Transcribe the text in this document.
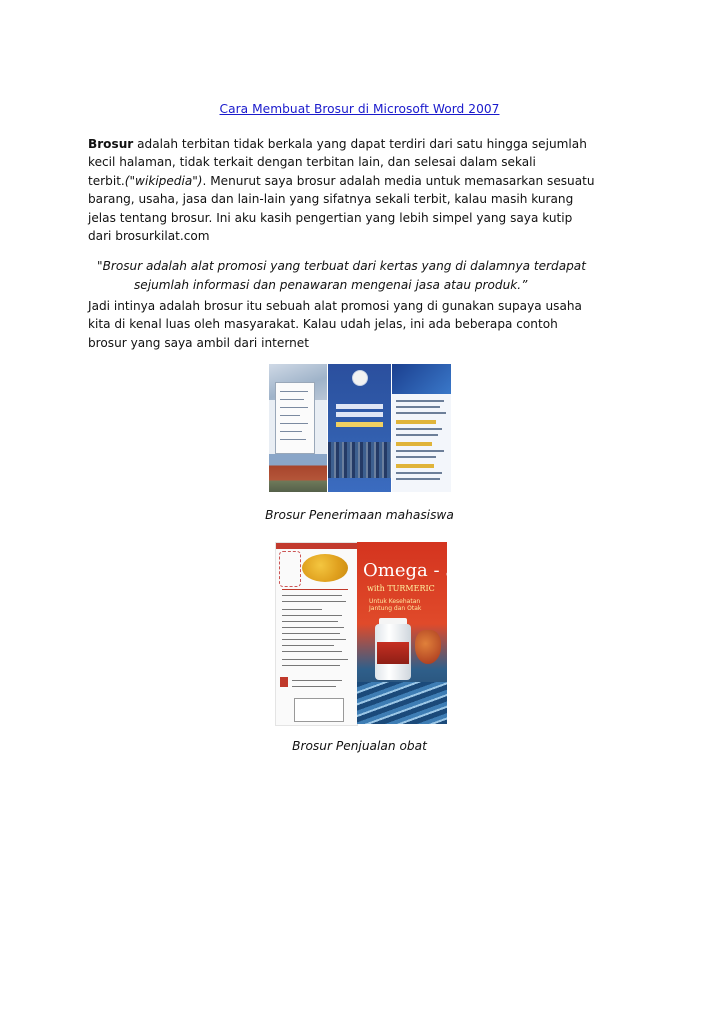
Cara Membuat Brosur di Microsoft Word 2007

Brosur adalah terbitan tidak berkala yang dapat terdiri dari satu hingga sejumlah
kecil halaman, tidak terkait dengan terbitan lain, dan selesai dalam sekali
terbit.("wikipedia"). Menurut saya brosur adalah media untuk memasarkan sesuatu
barang, usaha, jasa dan lain-lain yang sifatnya sekali terbit, kalau masih kurang
jelas tentang brosur. Ini aku kasih pengertian yang lebih simpel yang saya kutip
dari brosurkilat.com

"Brosur adalah alat promosi yang terbuat dari kertas yang di dalamnya terdapat
sejumlah informasi dan penawaran mengenai jasa atau produk.”

Jadi intinya adalah brosur itu sebuah alat promosi yang di gunakan supaya usaha
kita di kenal luas oleh masyarakat. Kalau udah jelas, ini ada beberapa contoh
brosur yang saya ambil dari internet

Brosur Penerimaan mahasiswa
Omega - 3
with TURMERIC
Untuk Kesehatan
Jantung dan Otak
Brosur Penjualan obat
